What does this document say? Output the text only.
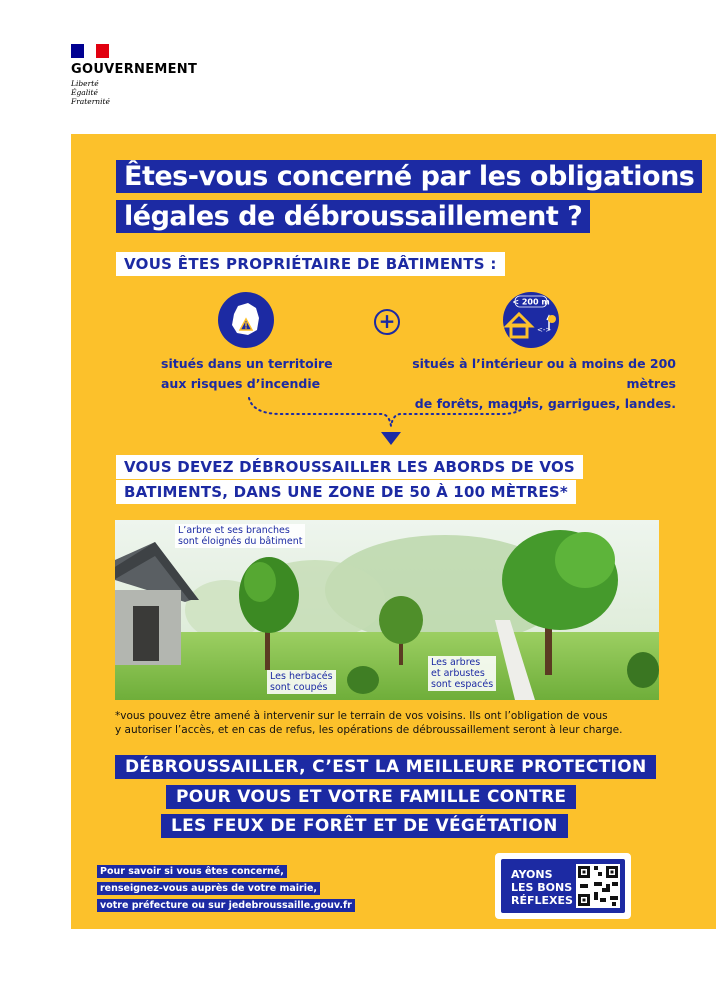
GOUVERNEMENT
Liberté
Égalité
Fraternité
Êtes-vous concerné par les obligations
légales de débroussaillement ?
VOUS ÊTES PROPRIÉTAIRE DE BÂTIMENTS :
+
< 200 m
<->
situés dans un territoire
aux risques d’incendie
situés à l’intérieur ou à moins de 200 mètres
de forêts, maquis, garrigues, landes.
VOUS DEVEZ DÉBROUSSAILLER LES ABORDS DE VOS
BATIMENTS, DANS UNE ZONE DE 50 À 100 MÈTRES*
L’arbre et ses branches
sont éloignés du bâtiment
Les herbacés
sont coupés
Les arbres
et arbustes
sont espacés
*vous pouvez être amené à intervenir sur le terrain de vos voisins. Ils ont l’obligation de vous
y autoriser l’accès, et en cas de refus, les opérations de débroussaillement seront à leur charge.
DÉBROUSSAILLER, C’EST LA MEILLEURE PROTECTION
POUR VOUS ET VOTRE FAMILLE CONTRE
LES FEUX DE FORÊT ET DE VÉGÉTATION
Pour savoir si vous êtes concerné,
renseignez-vous auprès de votre mairie,
votre préfecture ou sur jedebroussaille.gouv.fr
AYONS
LES BONS
RÉFLEXES
